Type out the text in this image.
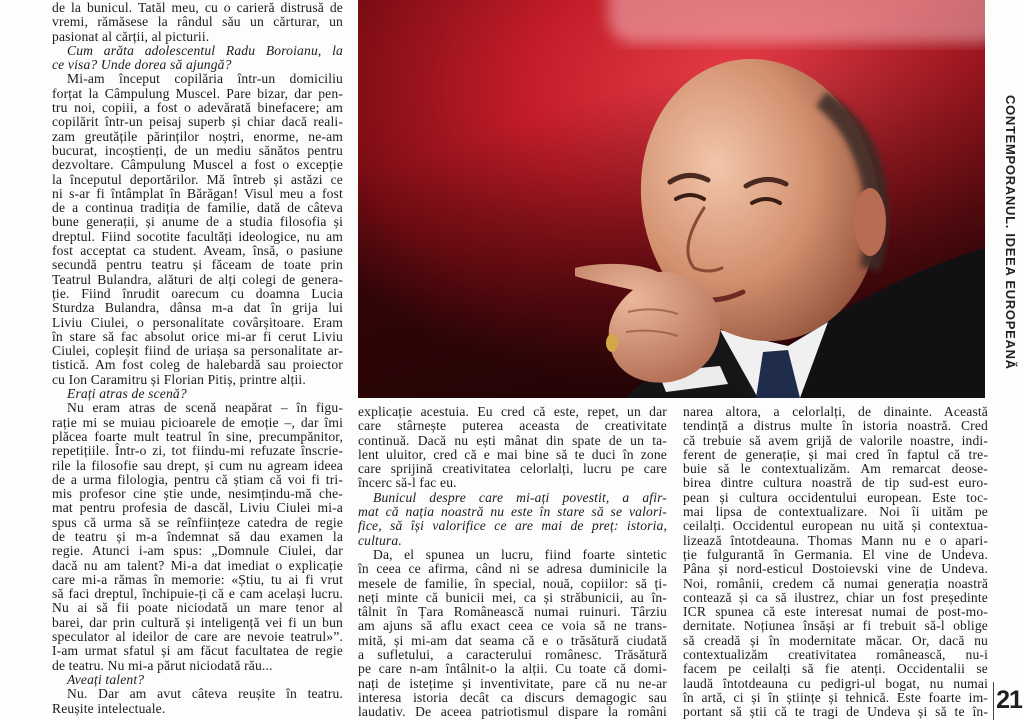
de la bunicul. Tatăl meu, cu o carieră distrusă de
vremi, rămăsese la rândul său un cărturar, un
pasionat al cărții, al picturii.
Cum arăta adolescentul Radu Boroianu, la
ce visa? Unde dorea să ajungă?
Mi-am început copilăria într-un domiciliu
forțat la Câmpulung Muscel. Pare bizar, dar pen-
tru noi, copiii, a fost o adevărată binefacere; am
copilărit într-un peisaj superb și chiar dacă reali-
zam greutățile părinților noștri, enorme, ne-am
bucurat, incoștienți, de un mediu sănătos pentru
dezvoltare. Câmpulung Muscel a fost o excepție
la începutul deportărilor. Mă întreb și astăzi ce
ni s-ar fi întâmplat în Bărăgan! Visul meu a fost
de a continua tradiția de familie, dată de câteva
bune generații, și anume de a studia filosofia și
dreptul. Fiind socotite facultăți ideologice, nu am
fost acceptat ca student. Aveam, însă, o pasiune
secundă pentru teatru și făceam de toate prin
Teatrul Bulandra, alături de alți colegi de genera-
ție. Fiind înrudit oarecum cu doamna Lucia
Sturdza Bulandra, dânsa m-a dat în grija lui
Liviu Ciulei, o personalitate covârșitoare. Eram
în stare să fac absolut orice mi-ar fi cerut Liviu
Ciulei, copleșit fiind de uriașa sa personalitate ar-
tistică. Am fost coleg de halebardă sau proiector
cu Ion Caramitru și Florian Pitiș, printre alții.
Erați atras de scenă?
Nu eram atras de scenă neapărat – în figu-
rație mi se muiau picioarele de emoție –, dar îmi
plăcea foarte mult teatrul în sine, precumpănitor,
repetițiile. Într-o zi, tot fiindu-mi refuzate înscrie-
rile la filosofie sau drept, și cum nu agream ideea
de a urma filologia, pentru că știam că voi fi tri-
mis profesor cine știe unde, nesimțindu-mă che-
mat pentru profesia de dascăl, Liviu Ciulei mi-a
spus că urma să se reînființeze catedra de regie
de teatru și m-a îndemnat să dau examen la
regie. Atunci i-am spus: „Domnule Ciulei, dar
dacă nu am talent? Mi-a dat imediat o explicație
care mi-a rămas în memorie: «Știu, tu ai fi vrut
să faci dreptul, închipuie-ți că e cam același lucru.
Nu ai să fii poate niciodată un mare tenor al
barei, dar prin cultură și inteligență vei fi un bun
speculator al ideilor de care are nevoie teatrul»”.
I-am urmat sfatul și am făcut facultatea de regie
de teatru. Nu mi-a părut niciodată rău...
Aveați talent?
Nu. Dar am avut câteva reușite în teatru.
Reușite intelectuale.
explicație acestuia. Eu cred că este, repet, un dar
care stârnește puterea aceasta de creativitate
continuă. Dacă nu ești mânat din spate de un ta-
lent uluitor, cred că e mai bine să te duci în zone
care sprijină creativitatea celorlalți, lucru pe care
încerc să-l fac eu.
Bunicul despre care mi-ați povestit, a afir-
mat că nația noastră nu este în stare să se valori-
fice, să își valorifice ce are mai de preț: istoria,
cultura.
Da, el spunea un lucru, fiind foarte sintetic
în ceea ce afirma, când ni se adresa duminicile la
mesele de familie, în special, nouă, copiilor: să ți-
neți minte că bunicii mei, ca și străbunicii, au în-
tâlnit în Țara Românească numai ruinuri. Târziu
am ajuns să aflu exact ceea ce voia să ne trans-
mită, și mi-am dat seama că e o trăsătură ciudată
a sufletului, a caracterului românesc. Trăsătură
pe care n-am întâlnit-o la alții. Cu toate că domi-
nați de istețime și inventivitate, pare că nu ne-ar
interesa istoria decât ca discurs demagogic sau
laudativ. De aceea patriotismul dispare la români
narea altora, a celorlalți, de dinainte. Această
tendință a distrus multe în istoria noastră. Cred
că trebuie să avem grijă de valorile noastre, indi-
ferent de generație, și mai cred în faptul că tre-
buie să le contextualizăm. Am remarcat deose-
birea dintre cultura noastră de tip sud-est euro-
pean și cultura occidentului european. Este toc-
mai lipsa de contextualizare. Noi îi uităm pe
ceilalți. Occidentul european nu uită și contextua-
lizează întotdeauna. Thomas Mann nu e o apari-
ție fulgurantă în Germania. El vine de Undeva.
Pâna și nord-esticul Dostoievski vine de Undeva.
Noi, românii, credem că numai generația noastră
contează și ca să ilustrez, chiar un fost președinte
ICR spunea că este interesat numai de post-mo-
dernitate. Noțiunea însăși ar fi trebuit să-l oblige
să creadă și în modernitate măcar. Or, dacă nu
contextualizăm creativitatea românească, nu-i
facem pe ceilalți să fie atenți. Occidentalii se
laudă întotdeauna cu pedigri-ul bogat, nu numai
în artă, ci și în științe și tehnică. Este foarte im-
portant să știi că te tragi de Undeva și să te în-
CONTEMPORANUL. IDEEA EUROPEANĂ
21
